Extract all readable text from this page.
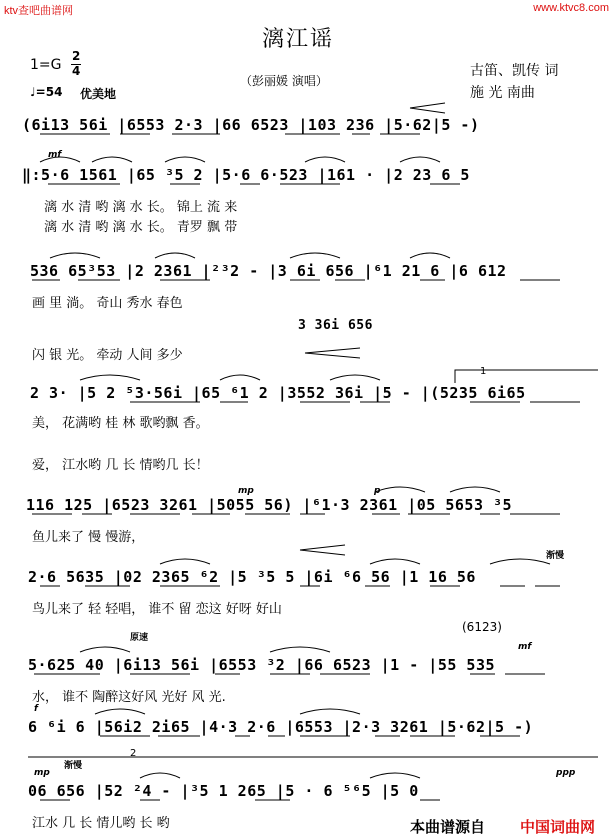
ktv查吧曲谱网	www.ktvc8.com
漓江谣
1=G
2
4
♩=54 优美地
（彭丽媛 演唱）
古笛、凯传 词
施 光 南曲
(6i13 56i |6553 2·3 |66 6523 |103 236 |5·62|5 -)
mf
‖:5·6 1561 |65 ³5 2 |5·6 6·523 |161 · |2 23 6 5
漓 水 清 哟 漓 水 长。 锦上 流 来
漓 水 清 哟 漓 水 长。 青罗 飘 带
536 65³53 |2 2361 |²³2 - |3 6i 656 |⁶1 21 6 |6 612
画 里 淌。 奇山 秀水 春色
3 36i 656
闪 银 光。 牵动 人间 多少
2 3· |5 2 ⁵3·56i |65 ⁶1 2 |3552 36i |5 - |(5235 6i65
1
美， 花满哟 桂 林 歌哟飘 香。
爱， 江水哟 几 长 情哟几 长！
mp	p
116 125 |6523 3261 |5055 56) |⁶1·3 2361 |05 5653 ³5
鱼儿来了 慢 慢游，
渐慢
2·6 5635 |02 2365 ⁶2 |5 ³5 5 |6i ⁶6 56 |1 16 56
鸟儿来了 轻 轻唱， 谁不 留 恋这 好呀 好山
(6123)
原速
mf
5·625 40 |6i13 56i |6553 ³2 |66 6523 |1 - |55 535
水， 谁不 陶醉这好风 光好 风 光.
f
6 ⁶i 6 |56i2 2i65 |4·3 2·6 |6553 |2·3 3261 |5·62|5 -)
2
渐慢
mp	ppp
06 656 |52 ²4 - |³5 1 265 |5 · 6 ⁵⁶5 |5 0
江水 几 长 情儿哟 长 哟	本曲谱源自 中国词曲网
